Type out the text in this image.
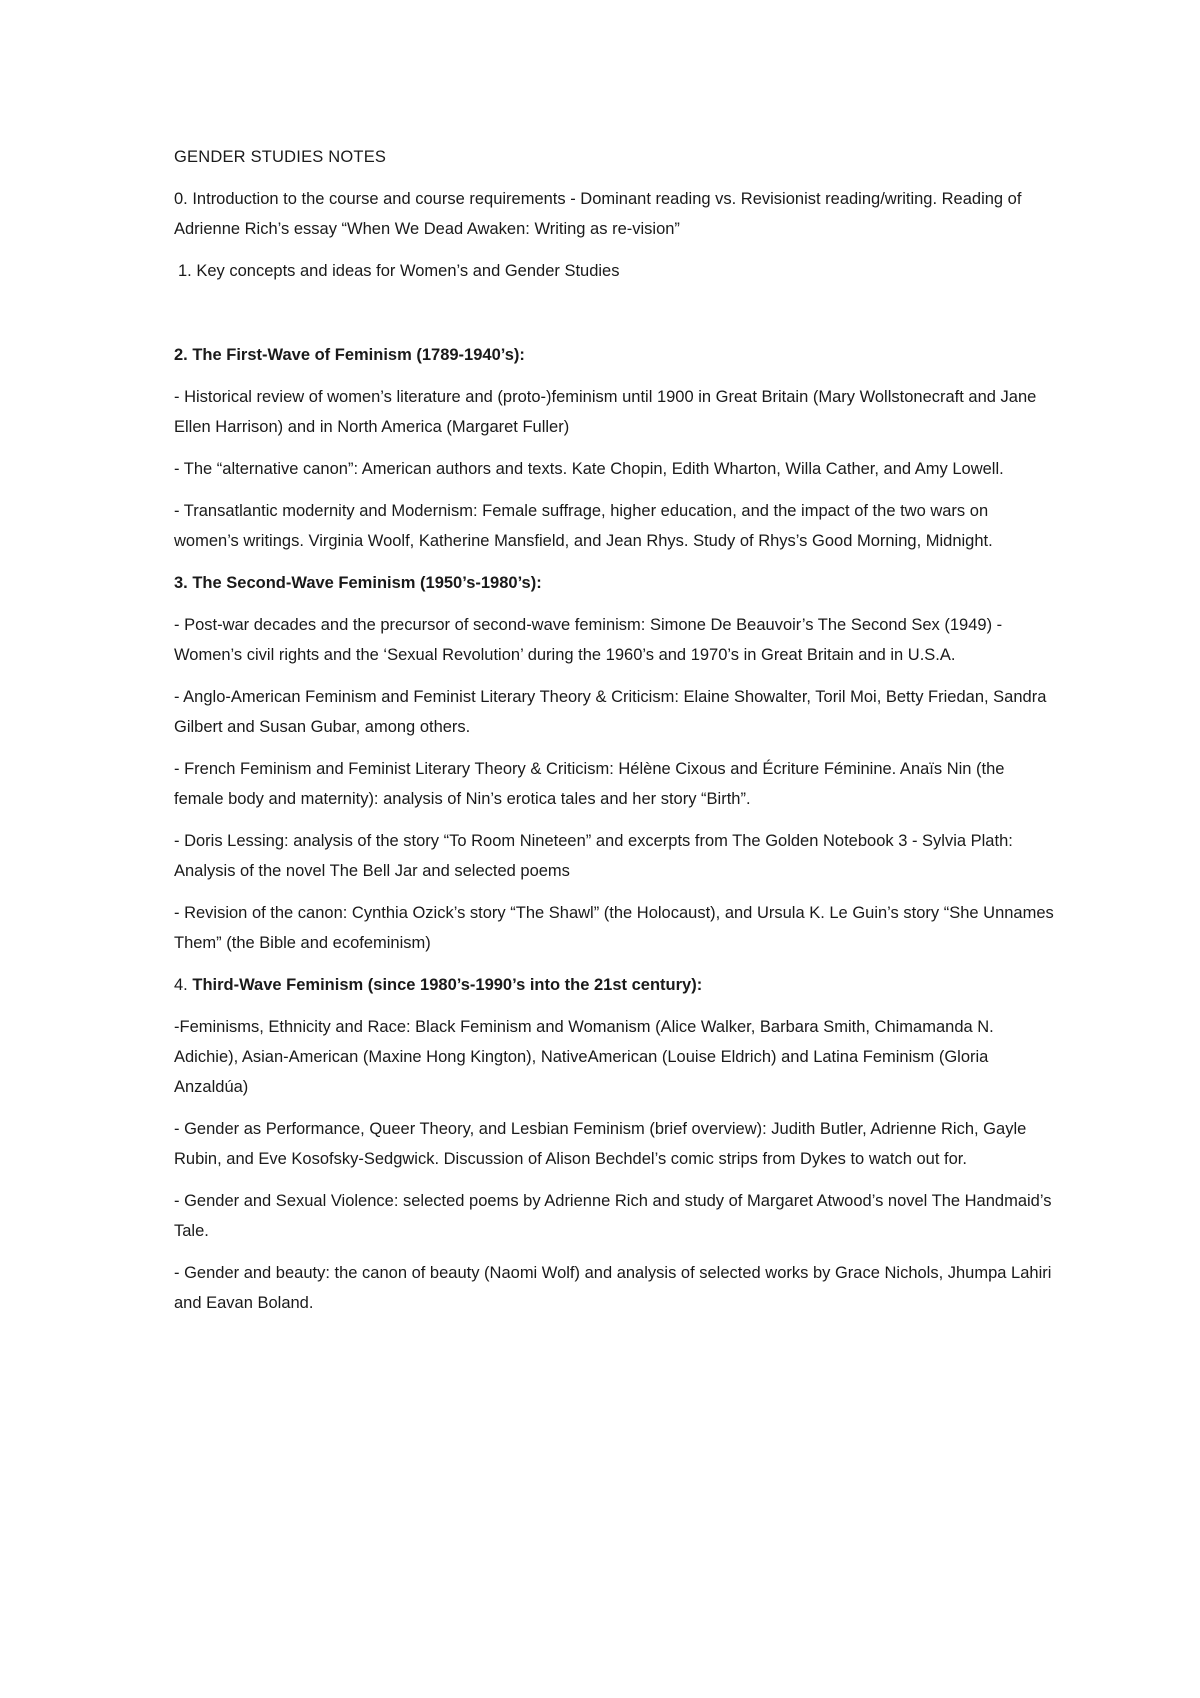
GENDER STUDIES NOTES
0. Introduction to the course and course requirements - Dominant reading vs. Revisionist reading/writing. Reading of Adrienne Rich’s essay “When We Dead Awaken: Writing as re-vision”
1. Key concepts and ideas for Women’s and Gender Studies
2. The First-Wave of Feminism (1789-1940’s):
- Historical review of women’s literature and (proto-)feminism until 1900 in Great Britain (Mary Wollstonecraft and Jane Ellen Harrison) and in North America (Margaret Fuller)
- The “alternative canon”: American authors and texts. Kate Chopin, Edith Wharton, Willa Cather, and Amy Lowell.
- Transatlantic modernity and Modernism: Female suffrage, higher education, and the impact of the two wars on women’s writings. Virginia Woolf, Katherine Mansfield, and Jean Rhys. Study of Rhys’s Good Morning, Midnight.
3. The Second-Wave Feminism (1950’s-1980’s):
- Post-war decades and the precursor of second-wave feminism: Simone De Beauvoir’s The Second Sex (1949) - Women’s civil rights and the ‘Sexual Revolution’ during the 1960’s and 1970’s in Great Britain and in U.S.A.
- Anglo-American Feminism and Feminist Literary Theory & Criticism: Elaine Showalter, Toril Moi, Betty Friedan, Sandra Gilbert and Susan Gubar, among others.
- French Feminism and Feminist Literary Theory & Criticism: Hélène Cixous and Écriture Féminine. Anaïs Nin (the female body and maternity): analysis of Nin’s erotica tales and her story “Birth”.
- Doris Lessing: analysis of the story “To Room Nineteen” and excerpts from The Golden Notebook 3 - Sylvia Plath: Analysis of the novel The Bell Jar and selected poems
- Revision of the canon: Cynthia Ozick’s story “The Shawl” (the Holocaust), and Ursula K. Le Guin’s story “She Unnames Them” (the Bible and ecofeminism)
4. Third-Wave Feminism (since 1980’s-1990’s into the 21st century):
-Feminisms, Ethnicity and Race: Black Feminism and Womanism (Alice Walker, Barbara Smith, Chimamanda N. Adichie), Asian-American (Maxine Hong Kington), NativeAmerican (Louise Eldrich) and Latina Feminism (Gloria Anzaldúa)
- Gender as Performance, Queer Theory, and Lesbian Feminism (brief overview): Judith Butler, Adrienne Rich, Gayle Rubin, and Eve Kosofsky-Sedgwick. Discussion of Alison Bechdel’s comic strips from Dykes to watch out for.
- Gender and Sexual Violence: selected poems by Adrienne Rich and study of Margaret Atwood’s novel The Handmaid’s Tale.
- Gender and beauty: the canon of beauty (Naomi Wolf) and analysis of selected works by Grace Nichols, Jhumpa Lahiri and Eavan Boland.
